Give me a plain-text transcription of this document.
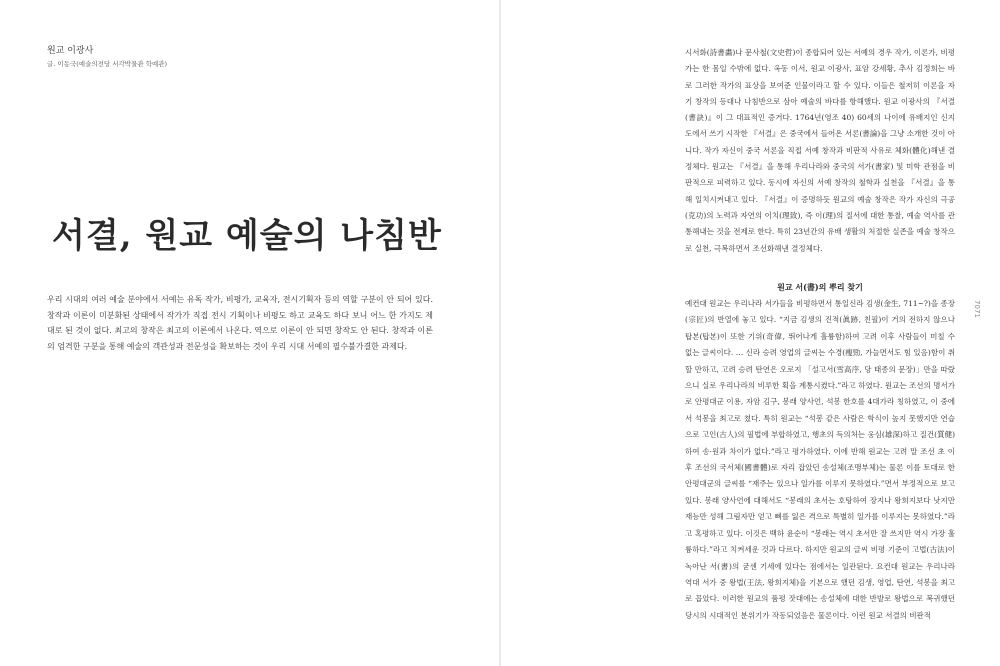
원교 이광사
글. 이동국(예술의전당 서각박물관 학예관)
서결, 원교 예술의 나침반

우리 시대의 여러 예술 분야에서 서예는 유독 작가, 비평가, 교육자, 전시기획자 등의 역할 구분이 안 되어 있다. 창작과 이론이 미분화된 상태에서 작가가 직접 전시 기획이나 비평도 하고 교육도 하다 보니 어느 한 가지도 제대로 된 것이 없다. 최고의 창작은 최고의 이론에서 나온다. 역으로 이론이 안 되면 창작도 안 된다. 창작과 이론의 엄격한 구분을 통해 예술의 객관성과 전문성을 확보하는 것이 우리 시대 서예의 필수불가결한 과제다.

시서화(詩書畵)나 문사철(文史哲)이 종합되어 있는 서예의 경우 작가, 이론가, 비평가는 한 몸일 수밖에 없다. 옥동 이서, 원교 이광사, 표암 강세황, 추사 김정희는 바로 그러한 작가의 표상을 보여준 인물이라고 할 수 있다. 이들은 철저히 이론을 자기 창작의 등대나 나침반으로 삼아 예술의 바다를 항해했다. 원교 이광사의 『서결(書訣)』이 그 대표적인 증거다. 1764년(영조 40) 60세의 나이에 유배지인 신지도에서 쓰기 시작한 『서결』은 중국에서 들어온 서론(書論)을 그냥 소개한 것이 아니다. 작가 자신이 중국 서론을 직접 서예 창작과 비판적 사유로 체화(體化)해낸 결정체다. 원교는 『서결』을 통해 우리나라와 중국의 서가(書家) 및 미학 관점을 비판적으로 피력하고 있다. 동시에 자신의 서예 창작의 철학과 실천을 『서결』을 통해 일치시켜내고 있다. 『서결』이 증명하듯 원교의 예술 창작은 작가 자신의 극공(克功)의 노력과 자연의 이치(理致), 즉 이(理)의 질서에 대한 통찰, 예술 역사를 관통해내는 것을 전제로 한다. 특히 23년간의 유배 생활의 처절한 실존을 예술 창작으로 실천, 극복하면서 조선화해낸 결정체다.

원교 서(書)의 뿌리 찾기

예컨대 원교는 우리나라 서가들을 비평하면서 통일신라 김생(金生, 711~?)을 종장(宗匠)의 반열에 놓고 있다. “지금 김생의 진적(眞跡, 친필)이 거의 전하지 않으나 탑본(탑본)이 또한 기위(奇偉, 뛰어나게 훌륭함)하여 고려 이후 사람들이 미칠 수 없는 글씨이다. … 신라 승려 영업의 글씨는 수경(瘦勁, 가늘면서도 힘 있음)함이 취할 만하고, 고려 승려 탄연은 오로지 「설고서(雪高序, 당 태종의 문장)」만을 따랐으니 실로 우리나라의 비루한 획을 계통시켰다.”라고 하였다. 원교는 조선의 명서가로 안평대군 이용, 자암 김구, 봉래 양사언, 석봉 한호를 4대가라 칭하였고, 이 중에서 석봉을 최고로 쳤다. 특히 원교는 “석봉 같은 사람은 학식이 높지 못했지만 연습으로 고인(古人)의 필법에 부합하였고, 행초의 득의처는 웅심(雄深)하고 질건(質健)하여 송·원과 차이가 없다.”라고 평가하였다. 이에 반해 원교는 고려 말 조선 초 이후 조선의 국서체(國書體)로 자리 잡았던 송설체(조맹부체)는 물론 이를 토대로 한 안평대군의 글씨를 “재주는 있으나 일가를 이루지 못하였다.”면서 부정적으로 보고 있다. 봉래 양사언에 대해서도 “봉래의 초서는 호탕하여 장지나 왕희지보다 낫지만 재능만 성해 그림자만 얻고 뼈를 잃은 격으로 특별히 일가를 이루지는 못하였다.”라고 혹평하고 있다. 이것은 백하 윤순이 “봉래는 역시 초서만 잘 쓰지만 역시 가장 훌륭하다.”라고 치켜세운 것과 다르다. 하지만 원교의 글씨 비평 기준이 고법(古法)이 녹아난 서(書)의 굳센 기세에 있다는 점에서는 일관된다. 요컨대 원교는 우리나라 역대 서가 중 왕법(王法, 왕희지체)을 기본으로 했던 김생, 영업, 탄연, 석봉을 최고로 꼽았다. 이러한 원교의 품평 잣대에는 송설체에 대한 반발로 왕법으로 복귀했던 당시의 시대적인 분위기가 작동되었음은 물론이다. 이런 원교 서결의 비판적

70
71
